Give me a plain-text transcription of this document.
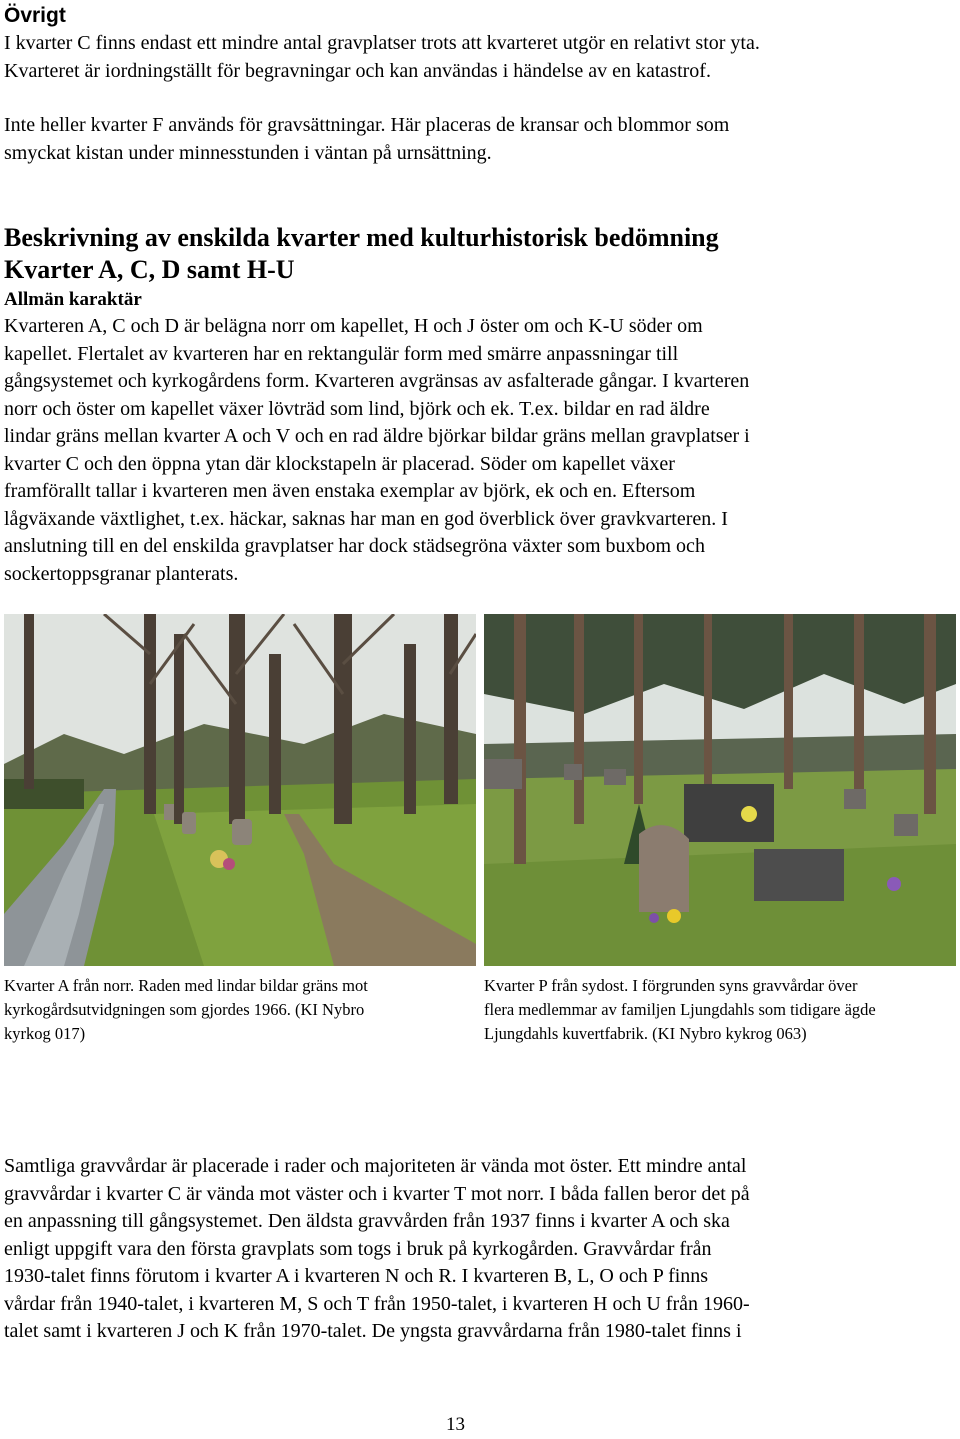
Övrigt

I kvarter C finns endast ett mindre antal gravplatser trots att kvarteret utgör en relativt stor yta.

Kvarteret är iordningställt för begravningar och kan användas i händelse av en katastrof.

Inte heller kvarter F används för gravsättningar. Här placeras de kransar och blommor som

smyckat kistan under minnesstunden i väntan på urnsättning.

Beskrivning av enskilda kvarter med kulturhistorisk bedömning
Kvarter A, C, D samt H-U
Allmän karaktär

Kvarteren A, C och D är belägna norr om kapellet, H och J öster om och K-U söder om

kapellet. Flertalet av kvarteren har en rektangulär form med smärre anpassningar till

gångsystemet och kyrkogårdens form. Kvarteren avgränsas av asfalterade gångar. I kvarteren

norr och öster om kapellet växer lövträd som lind, björk och ek. T.ex. bildar en rad äldre

lindar gräns mellan kvarter A och V och en rad äldre björkar bildar gräns mellan gravplatser i

kvarter C och den öppna ytan där klockstapeln är placerad. Söder om kapellet växer

framförallt tallar i kvarteren men även enstaka exemplar av björk, ek och en. Eftersom

lågväxande växtlighet, t.ex. häckar, saknas har man en god överblick över gravkvarteren. I

anslutning till en del enskilda gravplatser har dock städsegröna växter som buxbom och

sockertoppsgranar planterats.

Kvarter A från norr. Raden med lindar bildar gräns mot
kyrkogårdsutvidgningen som gjordes 1966. (KI Nybro
kyrkog 017)
Kvarter P från sydost. I förgrunden syns gravvårdar över
flera medlemmar av familjen Ljungdahls som tidigare ägde
Ljungdahls kuvertfabrik. (KI Nybro kykrog 063)

Samtliga gravvårdar är placerade i rader och majoriteten är vända mot öster. Ett mindre antal

gravvårdar i kvarter C är vända mot väster och i kvarter T mot norr. I båda fallen beror det på

en anpassning till gångsystemet. Den äldsta gravvården från 1937 finns i kvarter A och ska

enligt uppgift vara den första gravplats som togs i bruk på kyrkogården. Gravvårdar från

1930-talet finns förutom i kvarter A i kvarteren N och R. I kvarteren B, L, O och P finns

vårdar från 1940-talet, i kvarteren M, S och T från 1950-talet, i kvarteren H och U från 1960-

talet samt i kvarteren J och K från 1970-talet. De yngsta gravvårdarna från 1980-talet finns i

13
